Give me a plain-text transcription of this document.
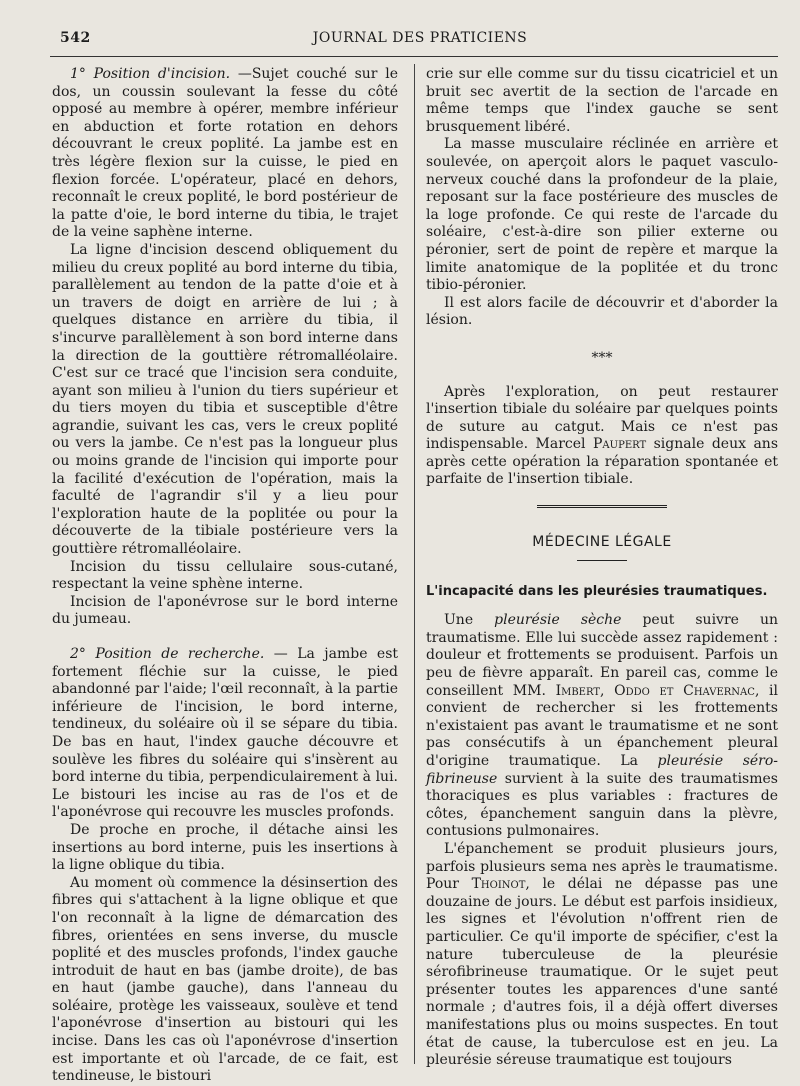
542	JOURNAL DES PRATICIENS

1° Position d'incision. —Sujet couché sur le dos, un coussin soulevant la fesse du côté opposé au membre à opérer, membre inférieur en abduction et forte rotation en dehors découvrant le creux poplité. La jambe est en très légère flexion sur la cuisse, le pied en flexion forcée. L'opérateur, placé en dehors, reconnaît le creux poplité, le bord postérieur de la patte d'oie, le bord interne du tibia, le trajet de la veine saphène interne.

La ligne d'incision descend obliquement du milieu du creux poplité au bord interne du tibia, parallèlement au tendon de la patte d'oie et à un travers de doigt en arrière de lui ; à quelques distance en arrière du tibia, il s'incurve parallèlement à son bord interne dans la direction de la gouttière rétromalléolaire. C'est sur ce tracé que l'incision sera conduite, ayant son milieu à l'union du tiers supérieur et du tiers moyen du tibia et susceptible d'être agrandie, suivant les cas, vers le creux poplité ou vers la jambe. Ce n'est pas la longueur plus ou moins grande de l'incision qui importe pour la facilité d'exécution de l'opération, mais la faculté de l'agrandir s'il y a lieu pour l'exploration haute de la poplitée ou pour la découverte de la tibiale postérieure vers la gouttière rétromalléolaire.

Incision du tissu cellulaire sous-cutané, respectant la veine sphène interne.

Incision de l'aponévrose sur le bord interne du jumeau.

2° Position de recherche. — La jambe est fortement fléchie sur la cuisse, le pied abandonné par l'aide; l'œil reconnaît, à la partie inférieure de l'incision, le bord interne, tendineux, du soléaire où il se sépare du tibia. De bas en haut, l'index gauche découvre et soulève les fibres du soléaire qui s'insèrent au bord interne du tibia, perpendiculairement à lui. Le bistouri les incise au ras de l'os et de l'aponévrose qui recouvre les muscles profonds.

De proche en proche, il détache ainsi les insertions au bord interne, puis les insertions à la ligne oblique du tibia.

Au moment où commence la désinsertion des fibres qui s'attachent à la ligne oblique et que l'on reconnaît à la ligne de démarcation des fibres, orientées en sens inverse, du muscle poplité et des muscles profonds, l'index gauche introduit de haut en bas (jambe droite), de bas en haut (jambe gauche), dans l'anneau du soléaire, protège les vaisseaux, soulève et tend l'aponévrose d'insertion au bistouri qui les incise. Dans les cas où l'aponévrose d'insertion est importante et où l'arcade, de ce fait, est tendineuse, le bistouri

crie sur elle comme sur du tissu cicatriciel et un bruit sec avertit de la section de l'arcade en même temps que l'index gauche se sent brusquement libéré.

La masse musculaire réclinée en arrière et soulevée, on aperçoit alors le paquet vasculo-nerveux couché dans la profondeur de la plaie, reposant sur la face postérieure des muscles de la loge profonde. Ce qui reste de l'arcade du soléaire, c'est-à-dire son pilier externe ou péronier, sert de point de repère et marque la limite anatomique de la poplitée et du tronc tibio-péronier.

Il est alors facile de découvrir et d'aborder la lésion.

***

Après l'exploration, on peut restaurer l'insertion tibiale du soléaire par quelques points de suture au catgut. Mais ce n'est pas indispensable. Marcel Paupert signale deux ans après cette opération la réparation spontanée et parfaite de l'insertion tibiale.

MÉDECINE LÉGALE
L'incapacité dans les pleurésies traumatiques.

Une pleurésie sèche peut suivre un traumatisme. Elle lui succède assez rapidement : douleur et frottements se produisent. Parfois un peu de fièvre apparaît. En pareil cas, comme le conseillent MM. Imbert, Oddo et Chavernac, il convient de rechercher si les frottements n'existaient pas avant le traumatisme et ne sont pas consécutifs à un épanchement pleural d'origine traumatique. La pleurésie séro-fibrineuse survient à la suite des traumatismes thoraciques es plus variables : fractures de côtes, épanchement sanguin dans la plèvre, contusions pulmonaires.

L'épanchement se produit plusieurs jours, parfois plusieurs sema nes après le traumatisme. Pour Thoinot, le délai ne dépasse pas une douzaine de jours. Le début est parfois insidieux, les signes et l'évolution n'offrent rien de particulier. Ce qu'il importe de spécifier, c'est la nature tuberculeuse de la pleurésie sérofibrineuse traumatique. Or le sujet peut présenter toutes les apparences d'une santé normale ; d'autres fois, il a déjà offert diverses manifestations plus ou moins suspectes. En tout état de cause, la tuberculose est en jeu. La pleurésie séreuse traumatique est toujours
